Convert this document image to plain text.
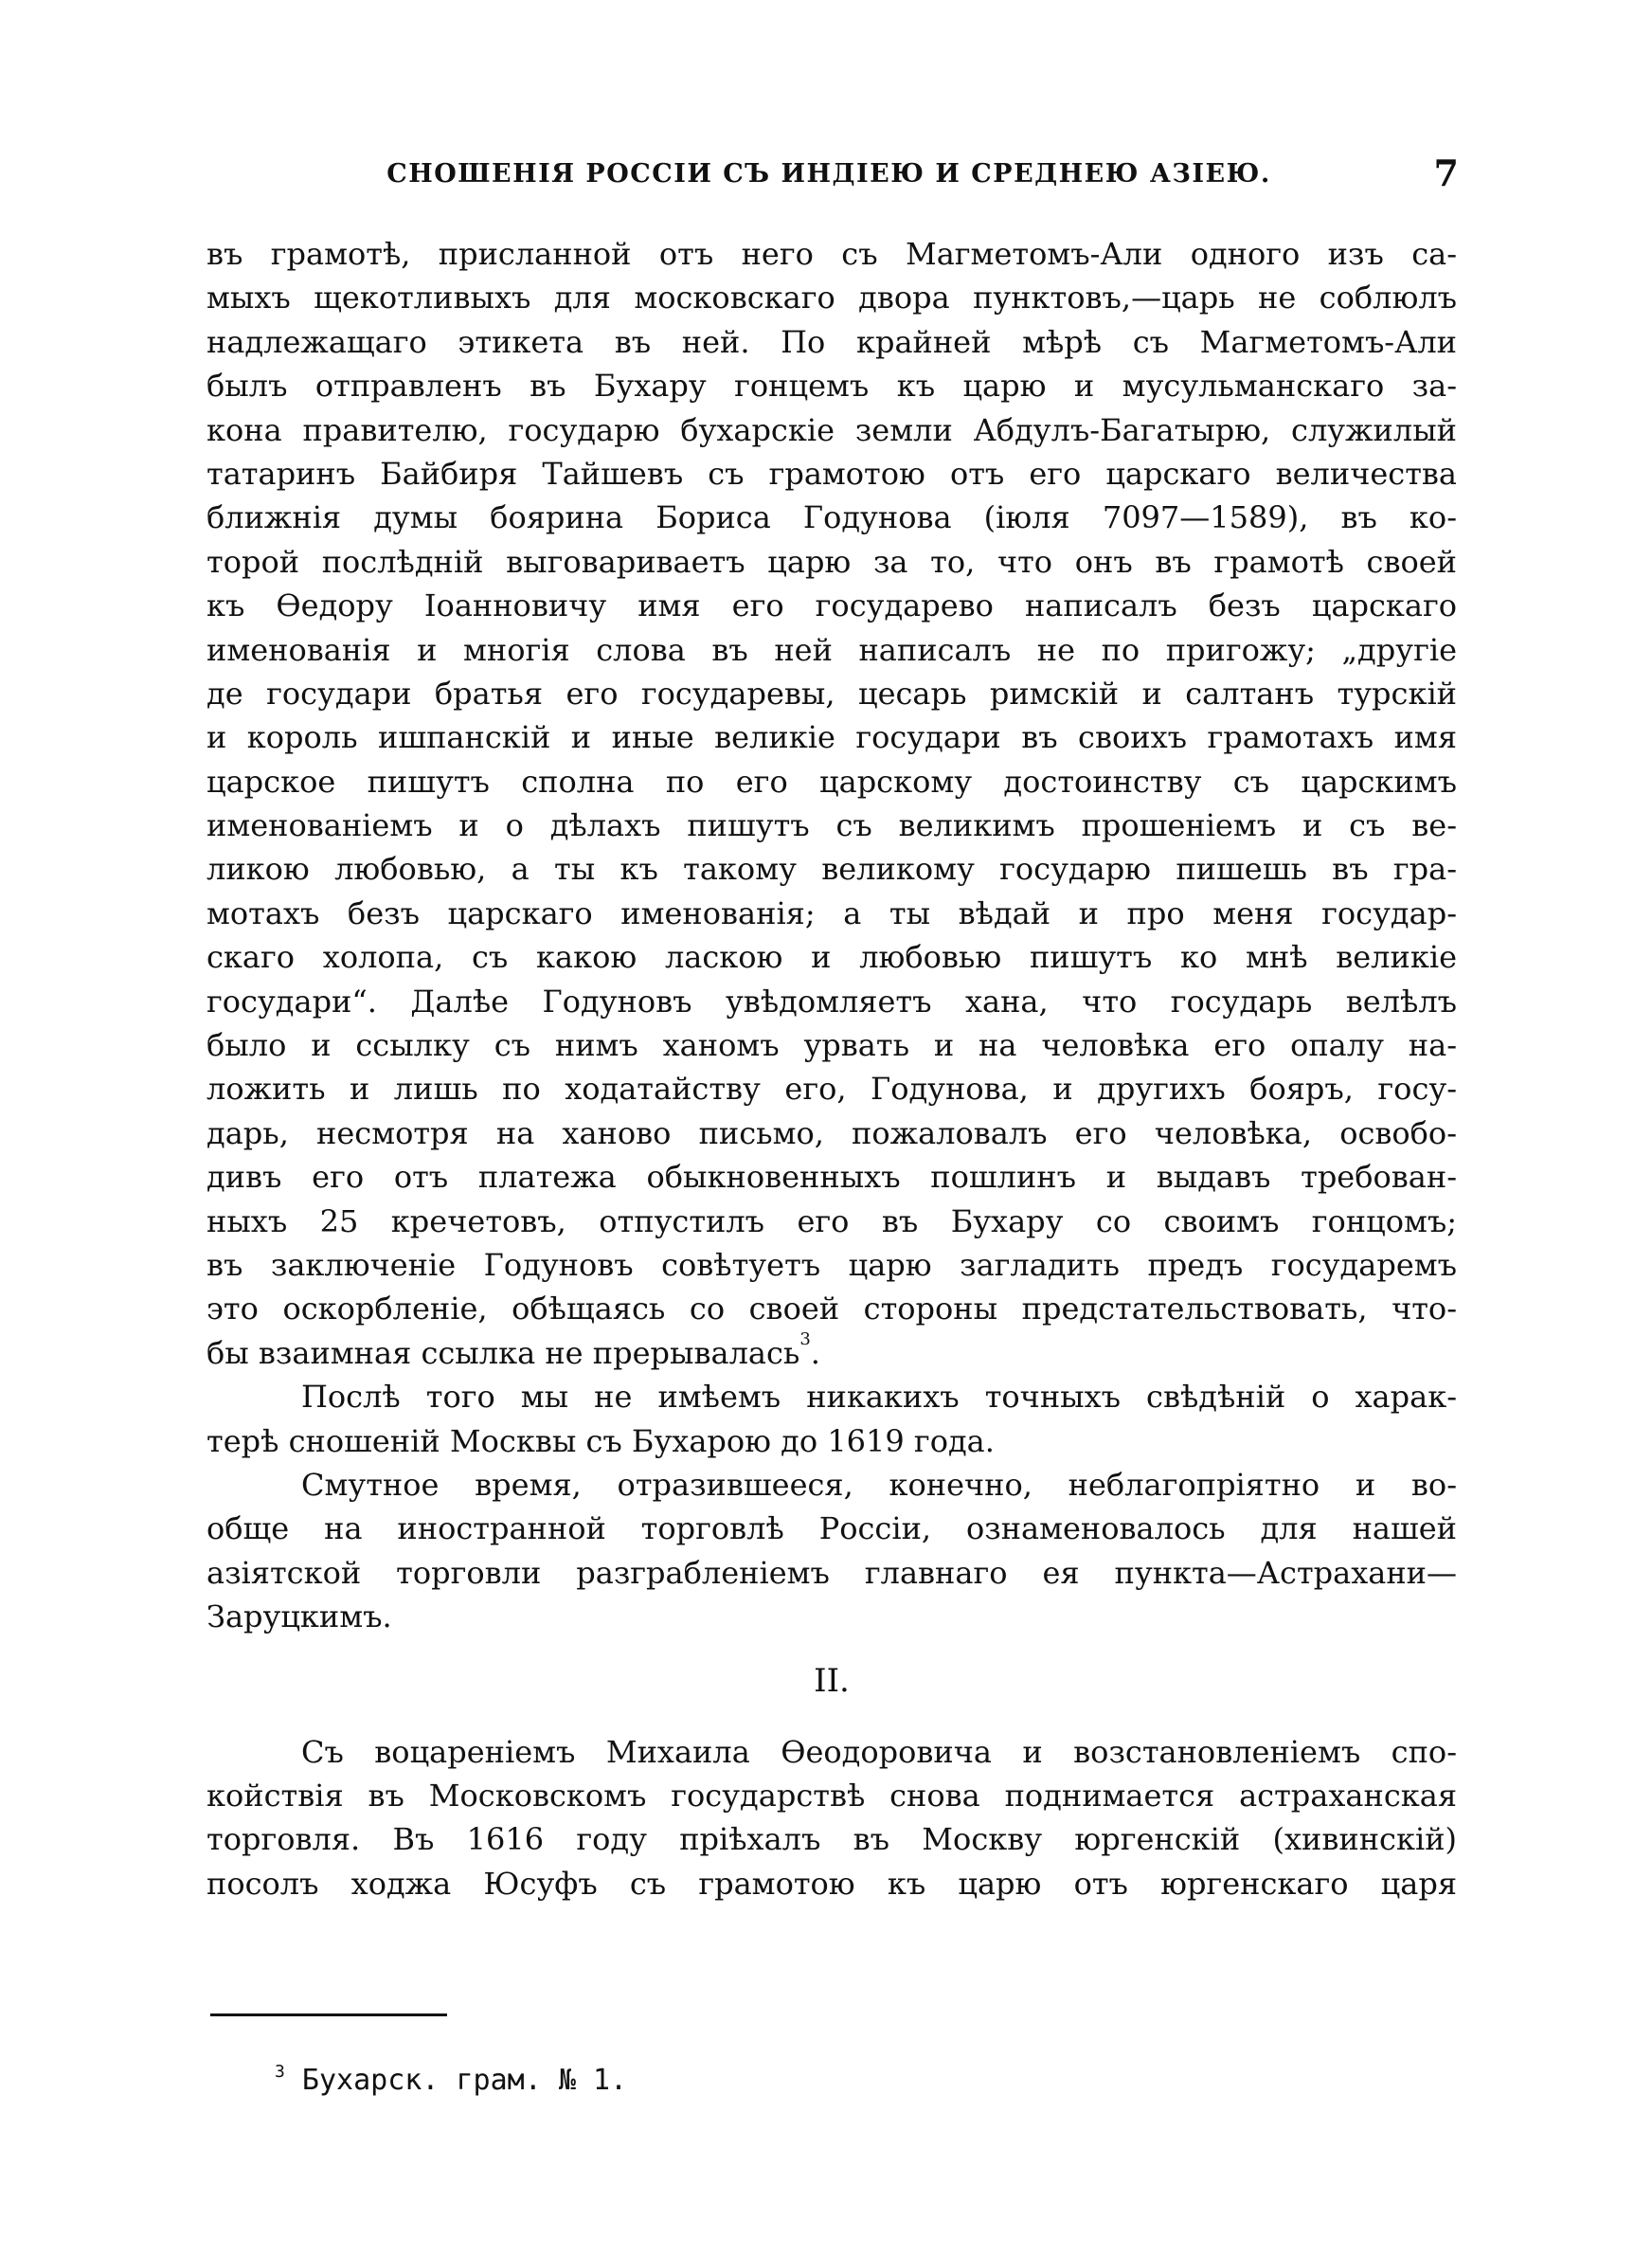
СНОШЕНІЯ РОССІИ СЪ ИНДІЕЮ И СРЕДНЕЮ АЗІЕЮ.	7
въ грамотѣ, присланной отъ него съ Магметомъ-Али одного изъ са-
мыхъ щекотливыхъ для московскаго двора пунктовъ,—царь не соблюлъ
надлежащаго этикета въ ней. По крайней мѣрѣ съ Магметомъ-Али
былъ отправленъ въ Бухару гонцемъ къ царю и мусульманскаго за-
кона правителю, государю бухарскіе земли Абдулъ-Багатырю, служилый
татаринъ Байбиря Тайшевъ съ грамотою отъ его царскаго величества
ближнія думы боярина Бориса Годунова (іюля 7097—1589), въ ко-
торой послѣдній выговариваетъ царю за то, что онъ въ грамотѣ своей
къ Ѳедору Іоанновичу имя его государево написалъ безъ царскаго
именованія и многія слова въ ней написалъ не по пригожу; „другіе
де государи братья его государевы, цесарь римскій и салтанъ турскій
и король ишпанскій и иные великіе государи въ своихъ грамотахъ имя
царское пишутъ сполна по его царскому достоинству съ царскимъ
именованіемъ и о дѣлахъ пишутъ съ великимъ прошеніемъ и съ ве-
ликою любовью, а ты къ такому великому государю пишешь въ гра-
мотахъ безъ царскаго именованія; а ты вѣдай и про меня государ-
скаго холопа, съ какою ласкою и любовью пишутъ ко мнѣ великіе
государи“. Далѣе Годуновъ увѣдомляетъ хана, что государь велѣлъ
было и ссылку съ нимъ ханомъ урвать и на человѣка его опалу на-
ложить и лишь по ходатайству его, Годунова, и другихъ бояръ, госу-
дарь, несмотря на ханово письмо, пожаловалъ его человѣка, освобо-
дивъ его отъ платежа обыкновенныхъ пошлинъ и выдавъ требован-
ныхъ 25 кречетовъ, отпустилъ его въ Бухару со своимъ гонцомъ;
въ заключеніе Годуновъ совѣтуетъ царю загладить предъ государемъ
это оскорбленіе, обѣщаясь со своей стороны предстательствовать, что-
бы взаимная ссылка не прерывалась$^3$.
Послѣ того мы не имѣемъ никакихъ точныхъ свѣдѣній о харак-
терѣ сношеній Москвы съ Бухарою до 1619 года.
Смутное время, отразившееся, конечно, неблагопріятно и во-
обще на иностранной торговлѣ Россіи, ознаменовалось для нашей
азіятской торговли разграбленіемъ главнаго ея пункта—Астрахани—
Заруцкимъ.
II.
Съ воцареніемъ Михаила Ѳеодоровича и возстановленіемъ спо-
койствія въ Московскомъ государствѣ снова поднимается астраханская
торговля. Въ 1616 году пріѣхалъ въ Москву юргенскій (хивинскій)
посолъ ходжа Юсуфъ съ грамотою къ царю отъ юргенскаго царя
$^3$ Бухарск. грам. № 1.
